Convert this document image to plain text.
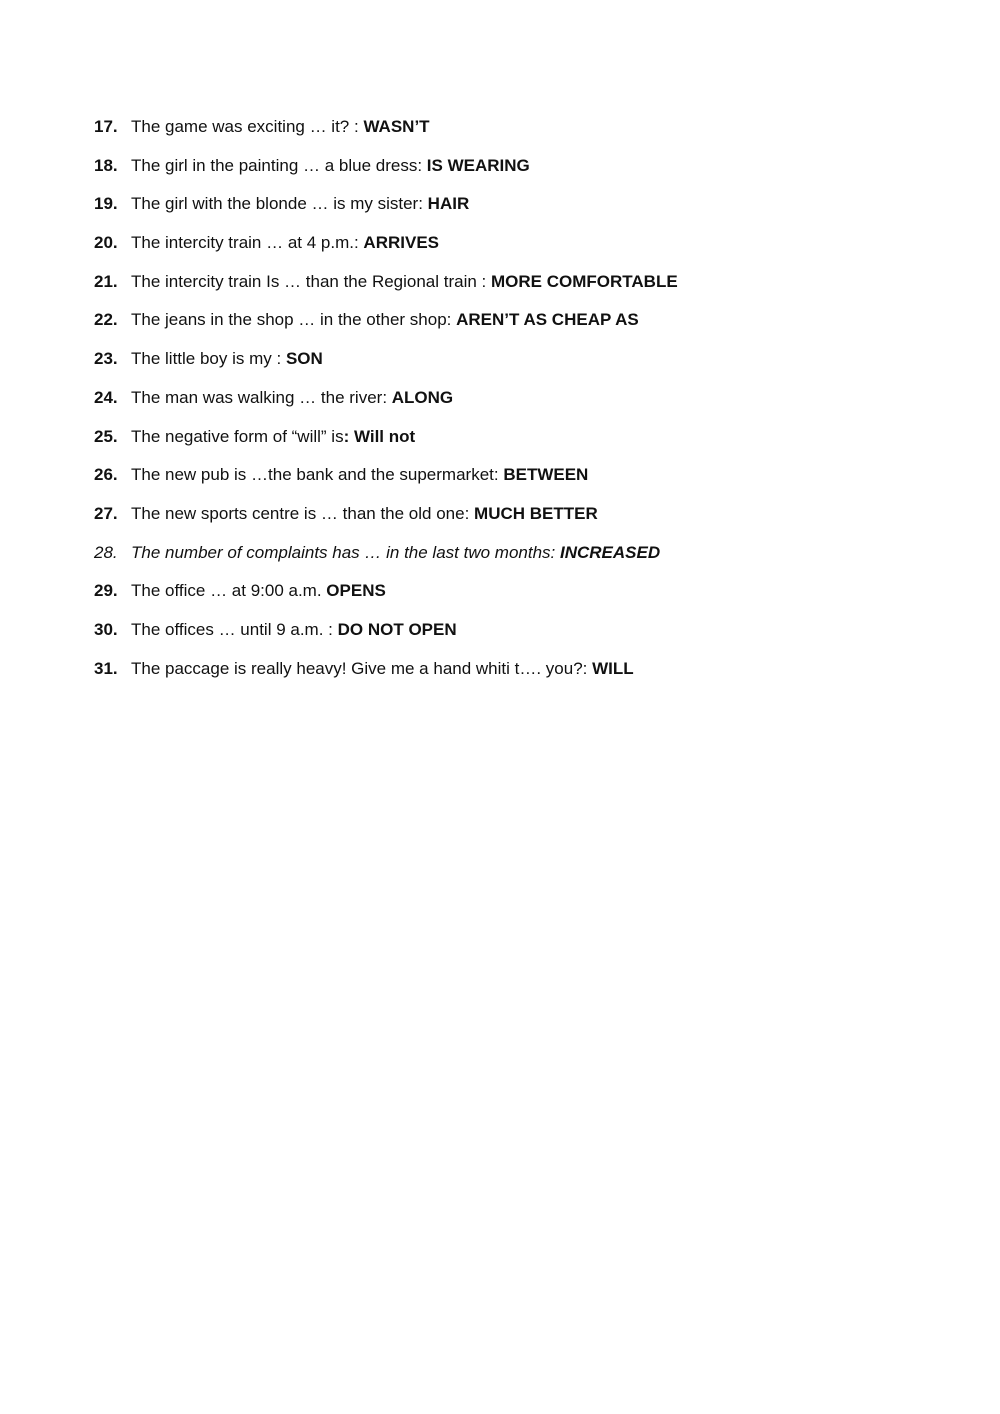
17. The game was exciting … it? : WASN’T
18. The girl in the painting … a blue dress: IS WEARING
19. The girl with the blonde … is my sister: HAIR
20. The intercity train … at 4 p.m.: ARRIVES
21. The intercity train Is … than the Regional train : MORE COMFORTABLE
22. The jeans in the shop … in the other shop: AREN’T AS CHEAP AS
23. The little boy is my : SON
24. The man was walking … the river: ALONG
25. The negative form of “will” is: Will not
26. The new pub is …the bank and the supermarket: BETWEEN
27. The new sports centre is … than the old one: MUCH BETTER
28. The number of complaints has … in the last two months: INCREASED
29. The office … at 9:00 a.m. OPENS
30. The offices … until 9 a.m. : DO NOT OPEN
31. The paccage is really heavy! Give me a hand whiti t…. you?: WILL
